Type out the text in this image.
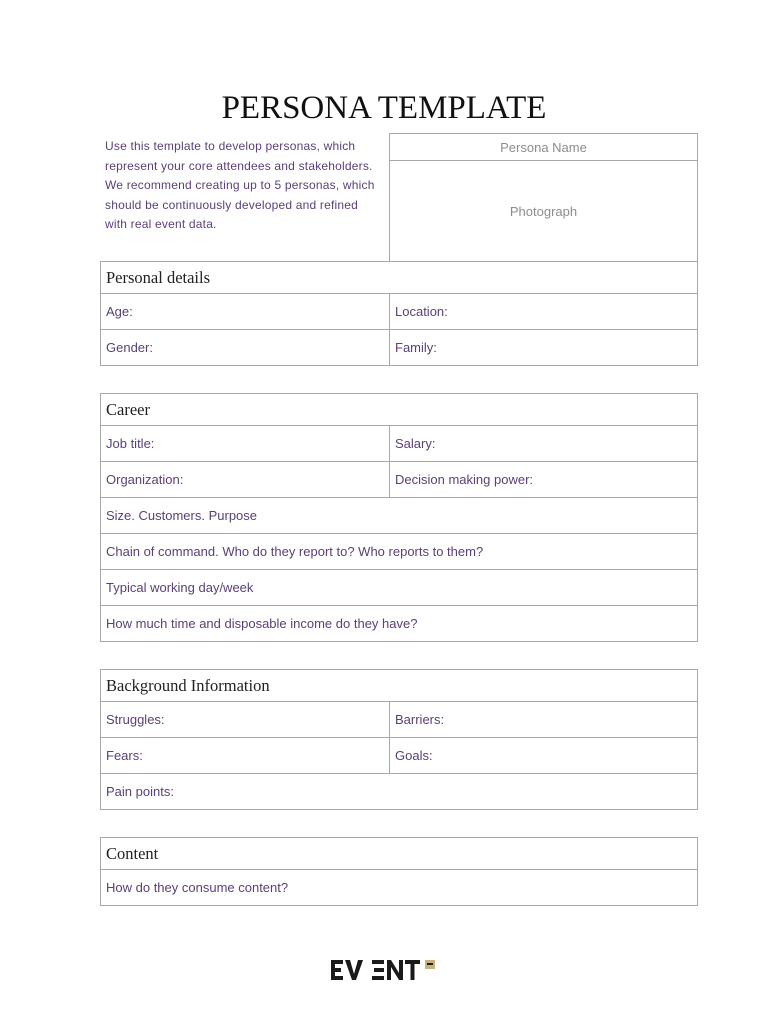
PERSONA TEMPLATE
Use this template to develop personas, which represent your core attendees and stakeholders. We recommend creating up to 5 personas, which should be continuously developed and refined with real event data.
Persona Name
Photograph
Personal details
Age:	Location:
Gender:	Family:
Career
Job title:	Salary:
Organization:	Decision making power:
Size. Customers. Purpose
Chain of command. Who do they report to? Who reports to them?
Typical working day/week
How much time and disposable income do they have?
Background Information
Struggles:	Barriers:
Fears:	Goals:
Pain points:
Content
How do they consume content?
